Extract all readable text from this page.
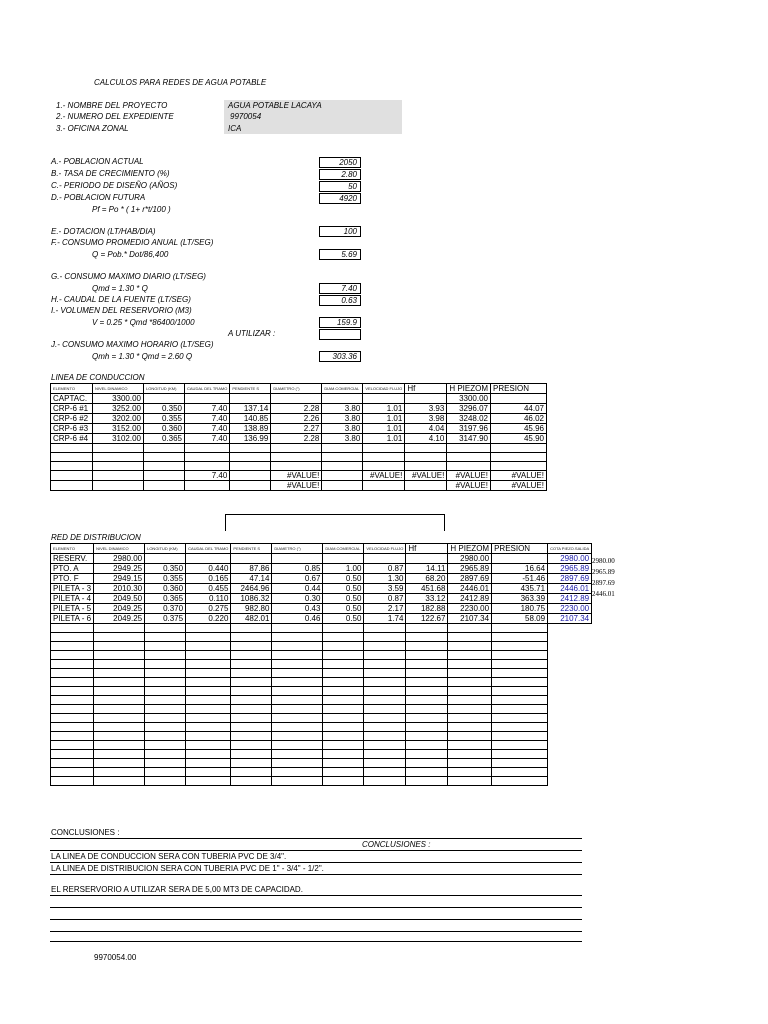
CALCULOS PARA REDES DE AGUA POTABLE
1.- NOMBRE DEL PROYECTO	AGUA POTABLE LACAYA
2.- NUMERO DEL EXPEDIENTE	9970054
3.- OFICINA ZONAL	ICA
A.- POBLACION ACTUAL	2050
B.- TASA DE CRECIMIENTO (%)	2.80
C.- PERIODO DE DISEÑO (AÑOS)	50
D.- POBLACION FUTURA	4920
Pf = Po * ( 1+ r*t/100 )
E.- DOTACION (LT/HAB/DIA)	100
F.- CONSUMO PROMEDIO ANUAL (LT/SEG)
Q = Pob.* Dot/86,400	5.69
G.- CONSUMO MAXIMO DIARIO (LT/SEG)
Qmd = 1.30 * Q	7.40
H.- CAUDAL DE LA FUENTE (LT/SEG)	0.63
I.- VOLUMEN DEL RESERVORIO (M3)
V = 0.25 * Qmd *86400/1000	159.9
A UTILIZAR :
J.- CONSUMO MAXIMO HORARIO (LT/SEG)
Qmh = 1.30 * Qmd = 2.60 Q	303.36
LINEA DE CONDUCCION
ELEMENTO	NIVEL DINAMICO	LONGITUD (KM)	CAUDAL DEL TRAMO	PENDIENTE S	DIAMETRO (")	DIAM.COMERCIAL	VELOCIDAD FLUJO	Hf	H PIEZOM	PRESION
CAPTAC.	3300.00								3300.00	
CRP-6 #1	3252.00	0.350	7.40	137.14	2.28	3.80	1.01	3.93	3296.07	44.07
CRP-6 #2	3202.00	0.355	7.40	140.85	2.26	3.80	1.01	3.98	3248.02	46.02
CRP-6 #3	3152.00	0.360	7.40	138.89	2.27	3.80	1.01	4.04	3197.96	45.96
CRP-6 #4	3102.00	0.365	7.40	136.99	2.28	3.80	1.01	4.10	3147.90	45.90

			7.40		#VALUE!		#VALUE!	#VALUE!	#VALUE!	#VALUE!
					#VALUE!				#VALUE!	#VALUE!
RED DE DISTRIBUCION
ELEMENTO	NIVEL DINAMICO	LONGITUD (KM)	CAUDAL DEL TRAMO	PENDIENTE S	DIAMETRO (")	DIAM.COMERCIAL	VELOCIDAD FLUJO	Hf	H PIEZOM	PRESION	COTA PIEZO.SALIDA
RESERV.	2980.00								2980.00		2980.00
PTO. A	2949.25	0.350	0.440	87.86	0.85	1.00	0.87	14.11	2965.89	16.64	2965.89
PTO. F	2949.15	0.355	0.165	47.14	0.67	0.50	1.30	68.20	2897.69	-51.46	2897.69
PILETA - 3	2010.30	0.360	0.455	2464.96	0.44	0.50	3.59	451.68	2446.01	435.71	2446.01
PILETA - 4	2049.50	0.365	0.110	1086.32	0.30	0.50	0.87	33.12	2412.89	363.39	2412.89
PILETA - 5	2049.25	0.370	0.275	982.80	0.43	0.50	2.17	182.88	2230.00	180.75	2230.00
PILETA - 6	2049.25	0.375	0.220	482.01	0.46	0.50	1.74	122.67	2107.34	58.09	2107.34

2980.00
2965.89
2897.69
2446.01
CONCLUSIONES :
CONCLUSIONES :
LA LINEA DE CONDUCCION SERA CON TUBERIA PVC DE 3/4".
LA LINEA DE DISTRIBUCION SERA CON TUBERIA PVC DE 1" - 3/4" - 1/2".
EL RERSERVORIO A UTILIZAR SERA DE 5,00 MT3 DE CAPACIDAD.
9970054.00
